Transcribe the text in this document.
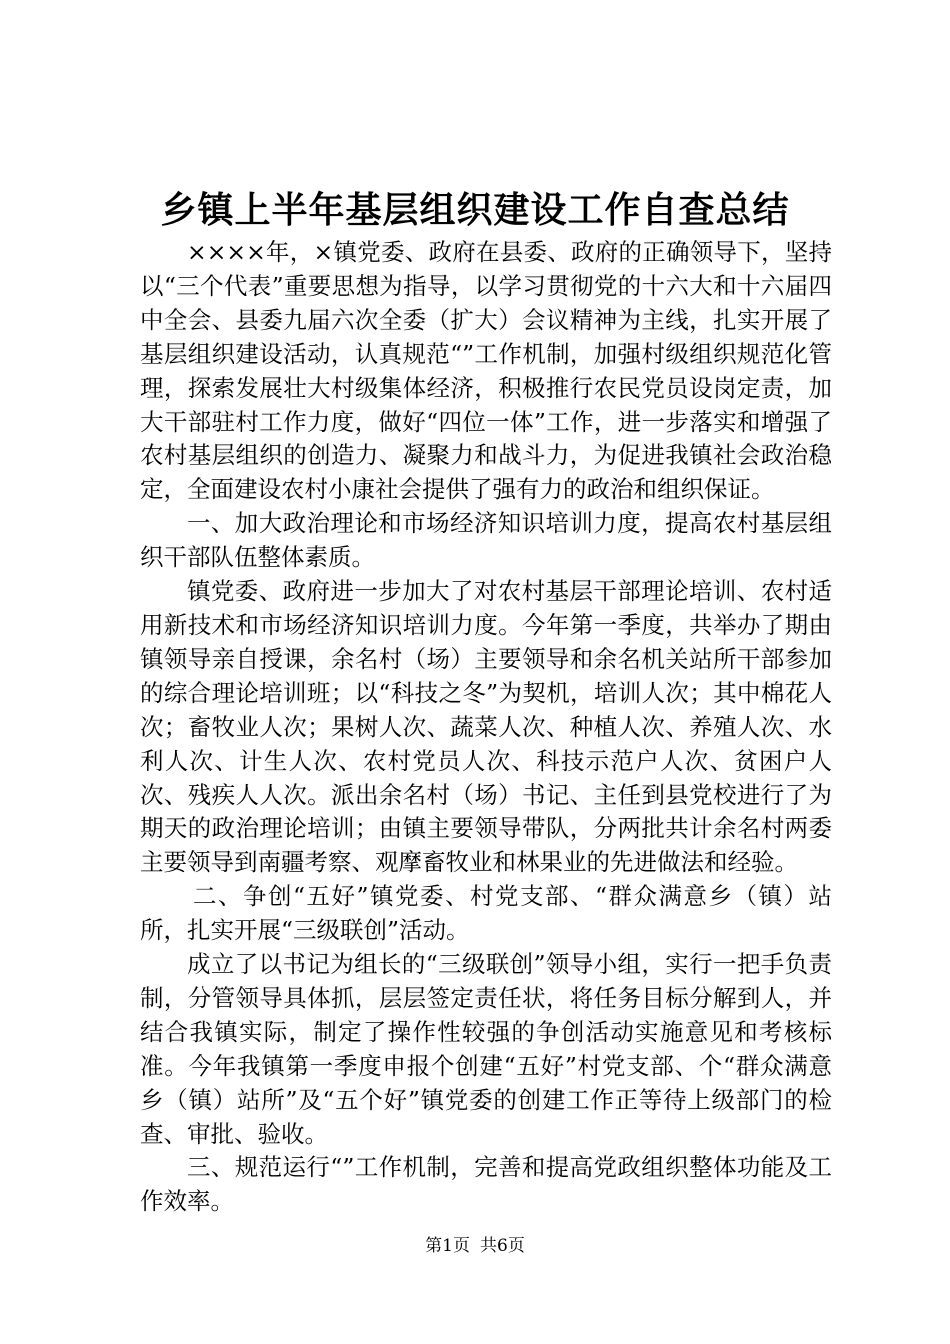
乡镇上半年基层组织建设工作自查总结

××××年，×镇党委、政府在县委、政府的正确领导下，坚持以“三个代表”重要思想为指导，以学习贯彻党的十六大和十六届四中全会、县委九届六次全委（扩大）会议精神为主线，扎实开展了基层组织建设活动，认真规范“”工作机制，加强村级组织规范化管理，探索发展壮大村级集体经济，积极推行农民党员设岗定责，加大干部驻村工作力度，做好“四位一体”工作，进一步落实和增强了农村基层组织的创造力、凝聚力和战斗力，为促进我镇社会政治稳定，全面建设农村小康社会提供了强有力的政治和组织保证。

一、加大政治理论和市场经济知识培训力度，提高农村基层组织干部队伍整体素质。

镇党委、政府进一步加大了对农村基层干部理论培训、农村适用新技术和市场经济知识培训力度。今年第一季度，共举办了期由镇领导亲自授课，余名村（场）主要领导和余名机关站所干部参加的综合理论培训班；以“科技之冬”为契机，培训人次；其中棉花人次；畜牧业人次；果树人次、蔬菜人次、种植人次、养殖人次、水利人次、计生人次、农村党员人次、科技示范户人次、贫困户人次、残疾人人次。派出余名村（场）书记、主任到县党校进行了为期天的政治理论培训；由镇主要领导带队，分两批共计余名村两委主要领导到南疆考察、观摩畜牧业和林果业的先进做法和经验。

二、争创“五好”镇党委、村党支部、“群众满意乡（镇）站所，扎实开展“三级联创”活动。

成立了以书记为组长的“三级联创”领导小组，实行一把手负责制，分管领导具体抓，层层签定责任状，将任务目标分解到人，并结合我镇实际，制定了操作性较强的争创活动实施意见和考核标准。今年我镇第一季度申报个创建“五好”村党支部、个“群众满意乡（镇）站所”及“五个好”镇党委的创建工作正等待上级部门的检查、审批、验收。

三、规范运行“”工作机制，完善和提高党政组织整体功能及工作效率。

第1页 共6页
